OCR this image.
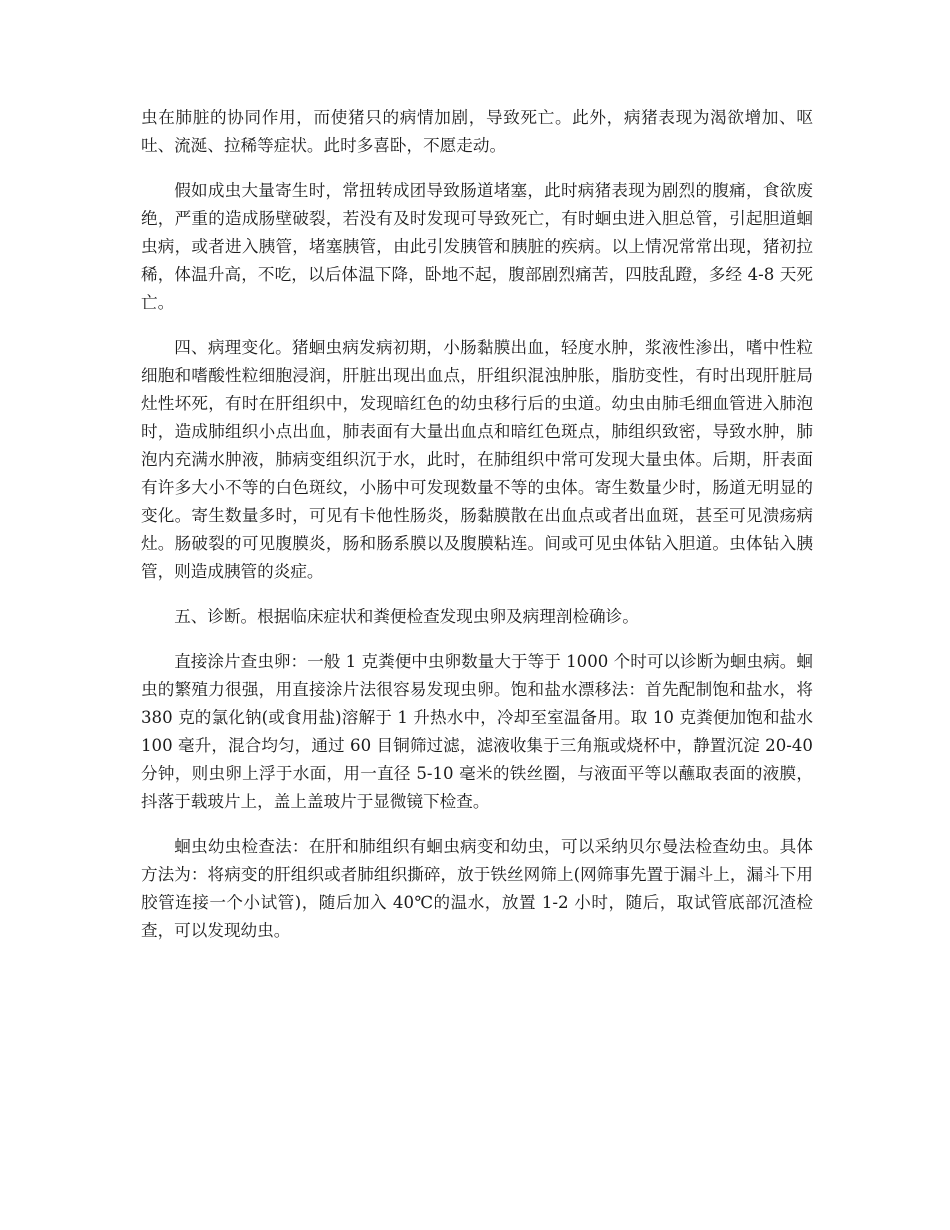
虫在肺脏的协同作用，而使猪只的病情加剧，导致死亡。此外，病猪表现为渴欲增加、呕吐、流涎、拉稀等症状。此时多喜卧，不愿走动。

假如成虫大量寄生时，常扭转成团导致肠道堵塞，此时病猪表现为剧烈的腹痛，食欲废绝，严重的造成肠壁破裂，若没有及时发现可导致死亡，有时蛔虫进入胆总管，引起胆道蛔虫病，或者进入胰管，堵塞胰管，由此引发胰管和胰脏的疾病。以上情况常常出现，猪初拉稀，体温升高，不吃，以后体温下降，卧地不起，腹部剧烈痛苦，四肢乱蹬，多经 4-8 天死亡。

四、病理变化。猪蛔虫病发病初期，小肠黏膜出血，轻度水肿，浆液性渗出，嗜中性粒细胞和嗜酸性粒细胞浸润，肝脏出现出血点，肝组织混浊肿胀，脂肪变性，有时出现肝脏局灶性坏死，有时在肝组织中，发现暗红色的幼虫移行后的虫道。幼虫由肺毛细血管进入肺泡时，造成肺组织小点出血，肺表面有大量出血点和暗红色斑点，肺组织致密，导致水肿，肺泡内充满水肿液，肺病变组织沉于水，此时，在肺组织中常可发现大量虫体。后期，肝表面有许多大小不等的白色斑纹，小肠中可发现数量不等的虫体。寄生数量少时，肠道无明显的变化。寄生数量多时，可见有卡他性肠炎，肠黏膜散在出血点或者出血斑，甚至可见溃疡病灶。肠破裂的可见腹膜炎，肠和肠系膜以及腹膜粘连。间或可见虫体钻入胆道。虫体钻入胰管，则造成胰管的炎症。

五、诊断。根据临床症状和粪便检查发现虫卵及病理剖检确诊。

直接涂片查虫卵：一般 1 克粪便中虫卵数量大于等于 1000 个时可以诊断为蛔虫病。蛔虫的繁殖力很强，用直接涂片法很容易发现虫卵。饱和盐水漂移法：首先配制饱和盐水，将 380 克的氯化钠(或食用盐)溶解于 1 升热水中，冷却至室温备用。取 10 克粪便加饱和盐水 100 毫升，混合均匀，通过 60 目铜筛过滤，滤液收集于三角瓶或烧杯中，静置沉淀 20-40 分钟，则虫卵上浮于水面，用一直径 5-10 毫米的铁丝圈，与液面平等以蘸取表面的液膜，抖落于载玻片上，盖上盖玻片于显微镜下检查。

蛔虫幼虫检查法：在肝和肺组织有蛔虫病变和幼虫，可以采纳贝尔曼法检查幼虫。具体方法为：将病变的肝组织或者肺组织撕碎，放于铁丝网筛上(网筛事先置于漏斗上，漏斗下用胶管连接一个小试管)，随后加入 40℃的温水，放置 1-2 小时，随后，取试管底部沉渣检查，可以发现幼虫。
